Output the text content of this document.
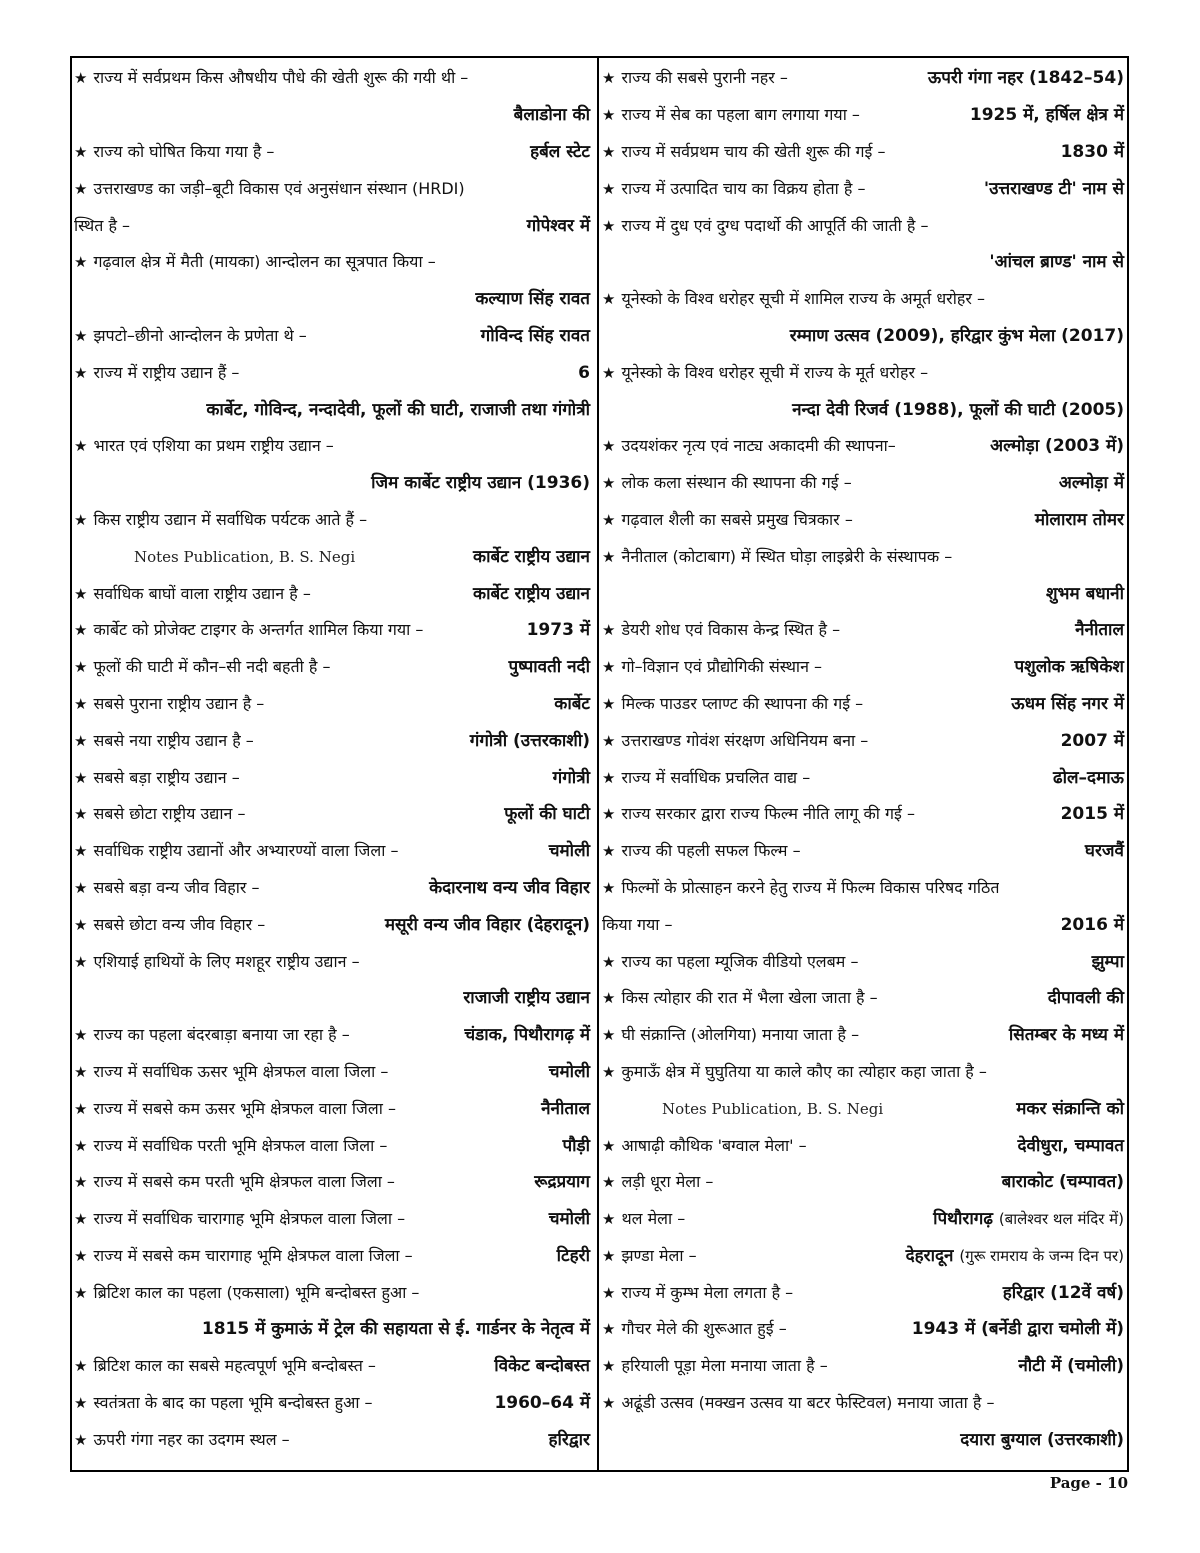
★ राज्य में सर्वप्रथम किस औषधीय पौधे की खेती शुरू की गयी थी –
बैलाडोना की
★ राज्य को घोषित किया गया है –	हर्बल स्टेट
★ उत्तराखण्ड का जड़ी–बूटी विकास एवं अनुसंधान संस्थान (HRDI)
स्थित है –	गोपेश्वर में
★ गढ़वाल क्षेत्र में मैती (मायका) आन्दोलन का सूत्रपात किया –
कल्याण सिंह रावत
★ झपटो–छीनो आन्दोलन के प्रणेता थे –	गोविन्द सिंह रावत
★ राज्य में राष्ट्रीय उद्यान हैं –	6
कार्बेट, गोविन्द, नन्दादेवी, फूलों की घाटी, राजाजी तथा गंगोत्री
★ भारत एवं एशिया का प्रथम राष्ट्रीय उद्यान –
जिम कार्बेट राष्ट्रीय उद्यान (1936)
★ किस राष्ट्रीय उद्यान में सर्वाधिक पर्यटक आते हैं –
Notes Publication, B. S. Negi	कार्बेट राष्ट्रीय उद्यान
★ सर्वाधिक बाघों वाला राष्ट्रीय उद्यान है –	कार्बेट राष्ट्रीय उद्यान
★ कार्बेट को प्रोजेक्ट टाइगर के अन्तर्गत शामिल किया गया –	1973 में
★ फूलों की घाटी में कौन–सी नदी बहती है –	पुष्पावती नदी
★ सबसे पुराना राष्ट्रीय उद्यान है –	कार्बेट
★ सबसे नया राष्ट्रीय उद्यान है –	गंगोत्री (उत्तरकाशी)
★ सबसे बड़ा राष्ट्रीय उद्यान –	गंगोत्री
★ सबसे छोटा राष्ट्रीय उद्यान –	फूलों की घाटी
★ सर्वाधिक राष्ट्रीय उद्यानों और अभ्यारण्यों वाला जिला –	चमोली
★ सबसे बड़ा वन्य जीव विहार –	केदारनाथ वन्य जीव विहार
★ सबसे छोटा वन्य जीव विहार –	मसूरी वन्य जीव विहार (देहरादून)
★ एशियाई हाथियों के लिए मशहूर राष्ट्रीय उद्यान –
राजाजी राष्ट्रीय उद्यान
★ राज्य का पहला बंदरबाड़ा बनाया जा रहा है –	चंडाक, पिथौरागढ़ में
★ राज्य में सर्वाधिक ऊसर भूमि क्षेत्रफल वाला जिला –	चमोली
★ राज्य में सबसे कम ऊसर भूमि क्षेत्रफल वाला जिला –	नैनीताल
★ राज्य में सर्वाधिक परती भूमि क्षेत्रफल वाला जिला –	पौड़ी
★ राज्य में सबसे कम परती भूमि क्षेत्रफल वाला जिला –	रूद्रप्रयाग
★ राज्य में सर्वाधिक चारागाह भूमि क्षेत्रफल वाला जिला –	चमोली
★ राज्य में सबसे कम चारागाह भूमि क्षेत्रफल वाला जिला –	टिहरी
★ ब्रिटिश काल का पहला (एकसाला) भूमि बन्दोबस्त हुआ –
1815 में कुमाऊं में ट्रेल की सहायता से ई. गार्डनर के नेतृत्व में
★ ब्रिटिश काल का सबसे महत्वपूर्ण भूमि बन्दोबस्त –	विकेट बन्दोबस्त
★ स्वतंत्रता के बाद का पहला भूमि बन्दोबस्त हुआ –	1960–64 में
★ ऊपरी गंगा नहर का उदगम स्थल –	हरिद्वार
★ राज्य की सबसे पुरानी नहर –	ऊपरी गंगा नहर (1842–54)
★ राज्य में सेब का पहला बाग लगाया गया –	1925 में, हर्षिल क्षेत्र में
★ राज्य में सर्वप्रथम चाय की खेती शुरू की गई –	1830 में
★ राज्य में उत्पादित चाय का विक्रय होता है –	'उत्तराखण्ड टी' नाम से
★ राज्य में दुध एवं दुग्ध पदार्थो की आपूर्ति की जाती है –
'आंचल ब्राण्ड' नाम से
★ यूनेस्को के विश्व धरोहर सूची में शामिल राज्य के अमूर्त धरोहर –
रम्माण उत्सव (2009), हरिद्वार कुंभ मेला (2017)
★ यूनेस्को के विश्व धरोहर सूची में राज्य के मूर्त धरोहर –
नन्दा देवी रिजर्व (1988), फूलों की घाटी (2005)
★ उदयशंकर नृत्य एवं नाट्य अकादमी की स्थापना–	अल्मोड़ा (2003 में)
★ लोक कला संस्थान की स्थापना की गई –	अल्मोड़ा में
★ गढ़वाल शैली का सबसे प्रमुख चित्रकार –	मोलाराम तोमर
★ नैनीताल (कोटाबाग) में स्थित घोड़ा लाइब्रेरी के संस्थापक –
शुभम बधानी
★ डेयरी शोध एवं विकास केन्द्र स्थित है –	नैनीताल
★ गो–विज्ञान एवं प्रौद्योगिकी संस्थान –	पशुलोक ऋषिकेश
★ मिल्क पाउडर प्लाण्ट की स्थापना की गई –	ऊधम सिंह नगर में
★ उत्तराखण्ड गोवंश संरक्षण अधिनियम बना –	2007 में
★ राज्य में सर्वाधिक प्रचलित वाद्य –	ढोल–दमाऊ
★ राज्य सरकार द्वारा राज्य फिल्म नीति लागू की गई –	2015 में
★ राज्य की पहली सफल फिल्म –	घरजवैं
★ फिल्मों के प्रोत्साहन करने हेतु राज्य में फिल्म विकास परिषद गठित
किया गया –	2016 में
★ राज्य का पहला म्यूजिक वीडियो एलबम –	झुम्पा
★ किस त्योहार की रात में भैला खेला जाता है –	दीपावली की
★ घी संक्रान्ति (ओलगिया) मनाया जाता है –	सितम्बर के मध्य में
★ कुमाऊँ क्षेत्र में घुघुतिया या काले कौए का त्योहार कहा जाता है –
Notes Publication, B. S. Negi	मकर संक्रान्ति को
★ आषाढ़ी कौथिक 'बग्वाल मेला' –	देवीधुरा, चम्पावत
★ लड़ी धूरा मेला –	बाराकोट (चम्पावत)
★ थल मेला –	पिथौरागढ़ (बालेश्वर थल मंदिर में)
★ झण्डा मेला –	देहरादून (गुरू रामराय के जन्म दिन पर)
★ राज्य में कुम्भ मेला लगता है –	हरिद्वार (12वें वर्ष)
★ गौचर मेले की शुरूआत हुई –	1943 में (बर्नेडी द्वारा चमोली में)
★ हरियाली पूड़ा मेला मनाया जाता है –	नौटी में (चमोली)
★ अढूंडी उत्सव (मक्खन उत्सव या बटर फेस्टिवल) मनाया जाता है –
दयारा बुग्याल (उत्तरकाशी)
Page - 10
